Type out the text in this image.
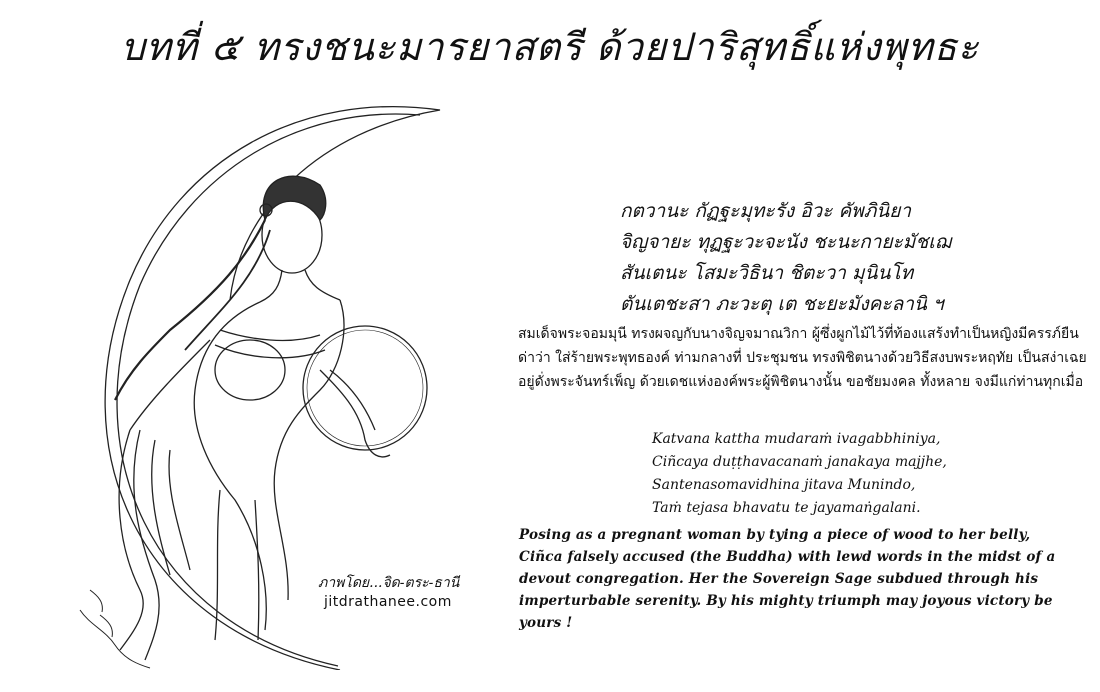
บทที่ ๕ ทรงชนะมารยาสตรี ด้วยปาริสุทธิ์แห่งพุทธะ
ภาพโดย...จิด-ตระ-ธานี
jitdrathanee.com
กตวานะ กัฏฐะมุทะรัง อิวะ คัพภินิยา
จิญจายะ ทุฏฐะวะจะนัง ชะนะกายะมัชเฌ
สันเตนะ โสมะวิธินา ชิตะวา มุนินโท
ตันเตชะสา ภะวะตุ เต ชะยะมังคะลานิ ฯ
สมเด็จพระจอมมุนี ทรงผจญกับนางจิญจมาณวิกา ผู้ซึ่งผูกไม้ไว้ที่ท้องแสร้งทำเป็นหญิงมีครรภ์ยืนด่าว่า ใส่ร้ายพระพุทธองค์ ท่ามกลางที่ ประชุมชน ทรงพิชิตนางด้วยวิธีสงบพระหฤทัย เป็นสง่าเฉยอยู่ดั่งพระจันทร์เพ็ญ ด้วยเดชแห่งองค์พระผู้พิชิตนางนั้น ขอชัยมงคล ทั้งหลาย จงมีแก่ท่านทุกเมื่อ
Katvana kattha mudaraṁ ivagabbhiniya,
Ciñcaya duṭṭhavacanaṁ janakaya majjhe,
Santenasomavidhina jitava Munindo,
Taṁ tejasa bhavatu te jayamaṅgalani.
Posing as a pregnant woman by tying a piece of wood to her belly, Ciñca falsely accused (the Buddha) with lewd words in the midst of a devout congregation. Her the Sovereign Sage subdued through his imperturbable serenity. By his mighty triumph may joyous victory be yours !
